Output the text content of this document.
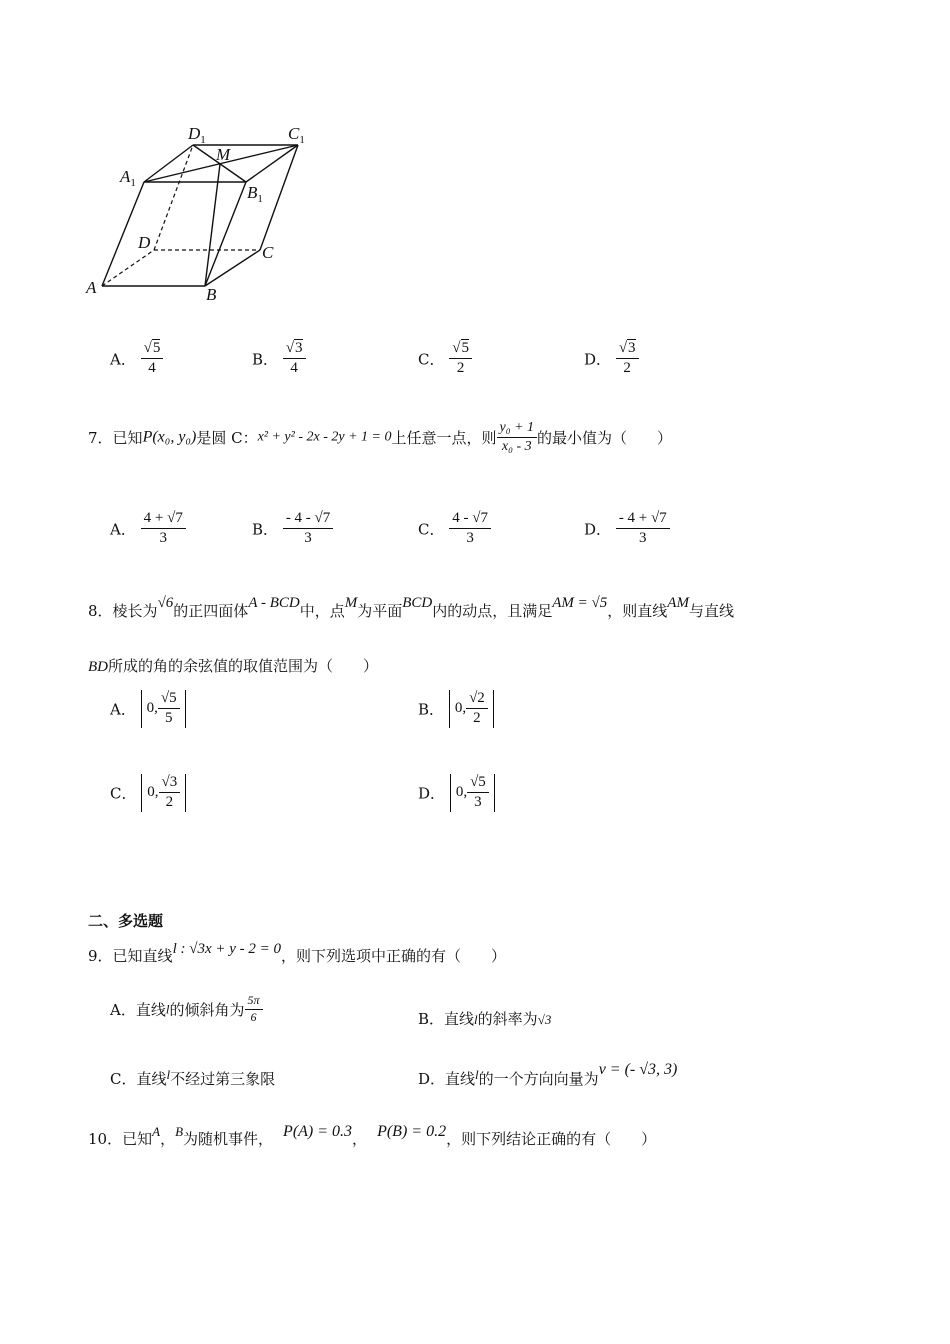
$D_1$	$C_1$
M
$A_1$	$B_1$
D
C
A	B
A． $\frac{√5}{4}$	B． $\frac{√3}{4}$	C． $\frac{√5}{2}$	D． $\frac{√3}{2}$
7．已知P(x₀, y₀)是圆 C：x² + y² - 2x - 2y + 1 = 0上任意一点，则 $\frac{\text{y₀ + 1}}{\text{x₀ - 3}}$ 的最小值为（　　）
A． $\frac{4 + √7}{3}$	B． $\frac{- 4 - √7}{3}$	C． $\frac{4 - √7}{3}$	D． $\frac{- 4 + √7}{3}$
8．棱长为√6的正四面体A - BCD中，点M为平面BCD内的动点，且满足AM = √5，则直线AM与直线
BD所成的角的余弦值的取值范围为（　　）
A． 0, $\frac{√5}{5}$	B． 0, $\frac{√2}{2}$
C． 0, $\frac{√3}{2}$	D． 0, $\frac{√5}{3}$
二、多选题
9．已知直线l : √3x + y - 2 = 0，则下列选项中正确的有（　　）
A．直线l的倾斜角为 $\frac{5\pi}{6}$	B．直线l的斜率为√3
C．直线l不经过第三象限	D．直线l的一个方向向量为v = (- √3, 3)
10．已知A，B为随机事件， P(A) = 0.3， P(B) = 0.2，则下列结论正确的有（　　）
